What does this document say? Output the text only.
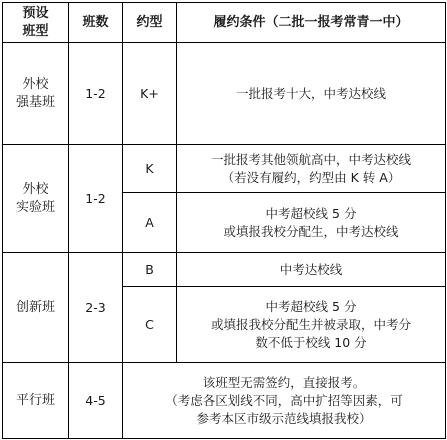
预设
班型	班数	约型	履约条件（二批一报考常青一中）
外校
强基班	1-2	K+	一批报考十大，中考达校线
外校
实验班	1-2	K	一批报考其他领航高中，中考达校线
（若没有履约，约型由 K 转 A）
		A	中考超校线 5 分
或填报我校分配生，中考达校线
创新班	2-3	B	中考达校线
		C	中考超校线 5 分
或填报我校分配生并被录取，中考分
数不低于校线 10 分
平行班	4-5	该班型无需签约，直接报考。
（考虑各区划线不同，高中扩招等因素，可
参考本区市级示范线填报我校）	
